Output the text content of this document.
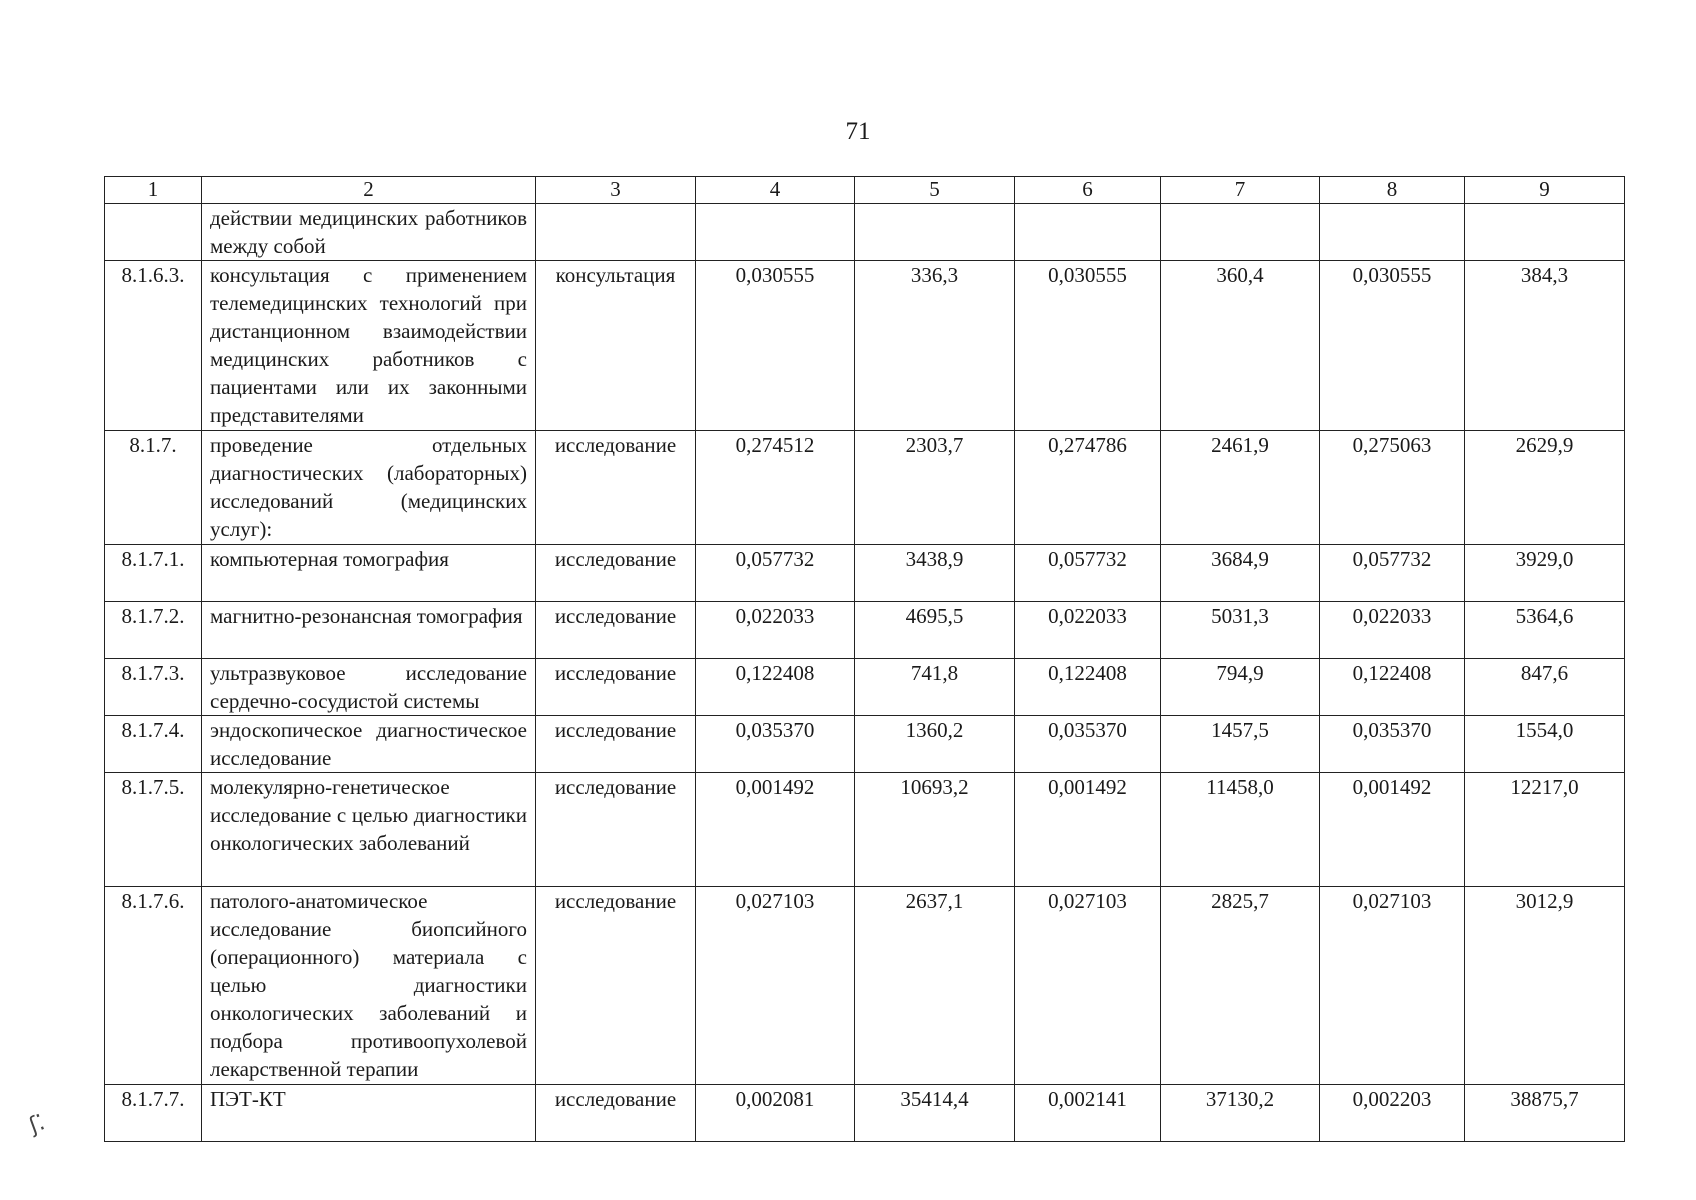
71
1	2	3	4	5	6	7	8	9
	действии медицинских работников между собой							
8.1.6.3.	консультация с применением телемедицинских технологий при дистанционном взаимодействии медицинских работников с пациентами или их законными представителями	консультация	0,030555	336,3	0,030555	360,4	0,030555	384,3
8.1.7.	проведение отдельных диагностических (лабораторных) исследований (медицинских услуг):	исследование	0,274512	2303,7	0,274786	2461,9	0,275063	2629,9
8.1.7.1.	компьютерная томография	исследование	0,057732	3438,9	0,057732	3684,9	0,057732	3929,0
8.1.7.2.	магнитно-резонансная томография	исследование	0,022033	4695,5	0,022033	5031,3	0,022033	5364,6
8.1.7.3.	ультразвуковое исследование сердечно-сосудистой системы	исследование	0,122408	741,8	0,122408	794,9	0,122408	847,6
8.1.7.4.	эндоскопическое диагностическое исследование	исследование	0,035370	1360,2	0,035370	1457,5	0,035370	1554,0
8.1.7.5.	молекулярно-генетическое исследование с целью диагностики онкологических заболеваний	исследование	0,001492	10693,2	0,001492	11458,0	0,001492	12217,0
8.1.7.6.	патолого-анатомическое исследование биопсийного (операционного) материала с целью диагностики онкологических заболеваний и подбора противоопухолевой лекарственной терапии	исследование	0,027103	2637,1	0,027103	2825,7	0,027103	3012,9
8.1.7.7.	ПЭТ-КТ	исследование	0,002081	35414,4	0,002141	37130,2	0,002203	38875,7
ʃ⁚
